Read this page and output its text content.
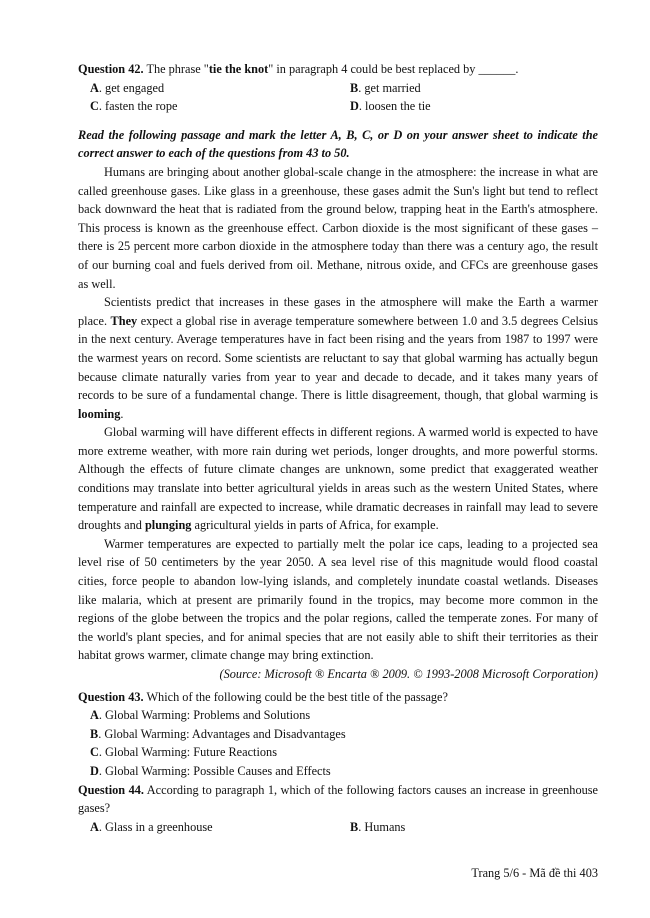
Question 42. The phrase "tie the knot" in paragraph 4 could be best replaced by ______.

A. get engaged	B. get married
C. fasten the rope	D. loosen the tie

Read the following passage and mark the letter A, B, C, or D on your answer sheet to indicate the correct answer to each of the questions from 43 to 50.

Humans are bringing about another global-scale change in the atmosphere: the increase in what are called greenhouse gases. Like glass in a greenhouse, these gases admit the Sun's light but tend to reflect back downward the heat that is radiated from the ground below, trapping heat in the Earth's atmosphere. This process is known as the greenhouse effect. Carbon dioxide is the most significant of these gases – there is 25 percent more carbon dioxide in the atmosphere today than there was a century ago, the result of our burning coal and fuels derived from oil. Methane, nitrous oxide, and CFCs are greenhouse gases as well.

Scientists predict that increases in these gases in the atmosphere will make the Earth a warmer place. They expect a global rise in average temperature somewhere between 1.0 and 3.5 degrees Celsius in the next century. Average temperatures have in fact been rising and the years from 1987 to 1997 were the warmest years on record. Some scientists are reluctant to say that global warming has actually begun because climate naturally varies from year to year and decade to decade, and it takes many years of records to be sure of a fundamental change. There is little disagreement, though, that global warming is looming.

Global warming will have different effects in different regions. A warmed world is expected to have more extreme weather, with more rain during wet periods, longer droughts, and more powerful storms. Although the effects of future climate changes are unknown, some predict that exaggerated weather conditions may translate into better agricultural yields in areas such as the western United States, where temperature and rainfall are expected to increase, while dramatic decreases in rainfall may lead to severe droughts and plunging agricultural yields in parts of Africa, for example.

Warmer temperatures are expected to partially melt the polar ice caps, leading to a projected sea level rise of 50 centimeters by the year 2050. A sea level rise of this magnitude would flood coastal cities, force people to abandon low-lying islands, and completely inundate coastal wetlands. Diseases like malaria, which at present are primarily found in the tropics, may become more common in the regions of the globe between the tropics and the polar regions, called the temperate zones. For many of the world's plant species, and for animal species that are not easily able to shift their territories as their habitat grows warmer, climate change may bring extinction.

(Source: Microsoft ® Encarta ® 2009. © 1993-2008 Microsoft Corporation)

Question 43. Which of the following could be the best title of the passage?

A. Global Warming: Problems and Solutions
B. Global Warming: Advantages and Disadvantages
C. Global Warming: Future Reactions
D. Global Warming: Possible Causes and Effects

Question 44. According to paragraph 1, which of the following factors causes an increase in greenhouse gases?

A. Glass in a greenhouse	B. Humans
Trang 5/6 - Mã đề thi 403
